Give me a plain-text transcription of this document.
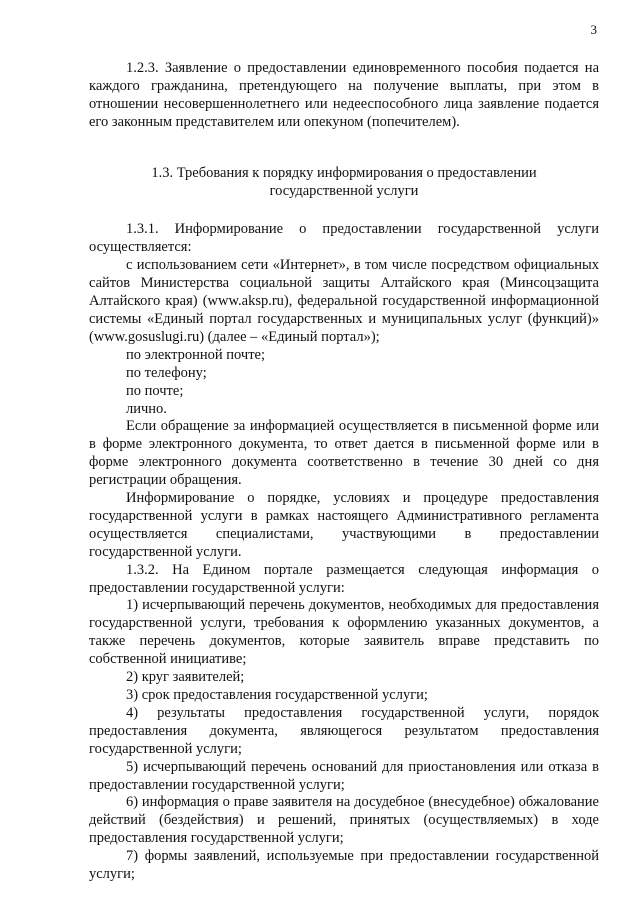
3

1.2.3. Заявление о предоставлении единовременного пособия подается на каждого гражданина, претендующего на получение выплаты, при этом в отношении несовершеннолетнего или недееспособного лица заявление подается его законным представителем или опекуном (попечителем).

1.3. Требования к порядку информирования о предоставлении
государственной услуги

1.3.1. Информирование о предоставлении государственной услуги осуществляется:

с использованием сети «Интернет», в том числе посредством официальных сайтов Министерства социальной защиты Алтайского края (Минсоцзащита Алтайского края) (www.aksp.ru), федеральной государственной информационной системы «Единый портал государственных и муниципальных услуг (функций)» (www.gosuslugi.ru) (далее – «Единый портал»);

по электронной почте;

по телефону;

по почте;

лично.

Если обращение за информацией осуществляется в письменной форме или в форме электронного документа, то ответ дается в письменной форме или в форме электронного документа соответственно в течение 30 дней со дня регистрации обращения.

Информирование о порядке, условиях и процедуре предоставления государственной услуги в рамках настоящего Административного регламента осуществляется специалистами, участвующими в предоставлении государственной услуги.

1.3.2. На Едином портале размещается следующая информация о предоставлении государственной услуги:

1) исчерпывающий перечень документов, необходимых для предоставления государственной услуги, требования к оформлению указанных документов, а также перечень документов, которые заявитель вправе представить по собственной инициативе;

2) круг заявителей;

3) срок предоставления государственной услуги;

4) результаты предоставления государственной услуги, порядок предоставления документа, являющегося результатом предоставления государственной услуги;

5) исчерпывающий перечень оснований для приостановления или отказа в предоставлении государственной услуги;

6) информация о праве заявителя на досудебное (внесудебное) обжалование действий (бездействия) и решений, принятых (осуществляемых) в ходе предоставления государственной услуги;

7) формы заявлений, используемые при предоставлении государственной услуги;
